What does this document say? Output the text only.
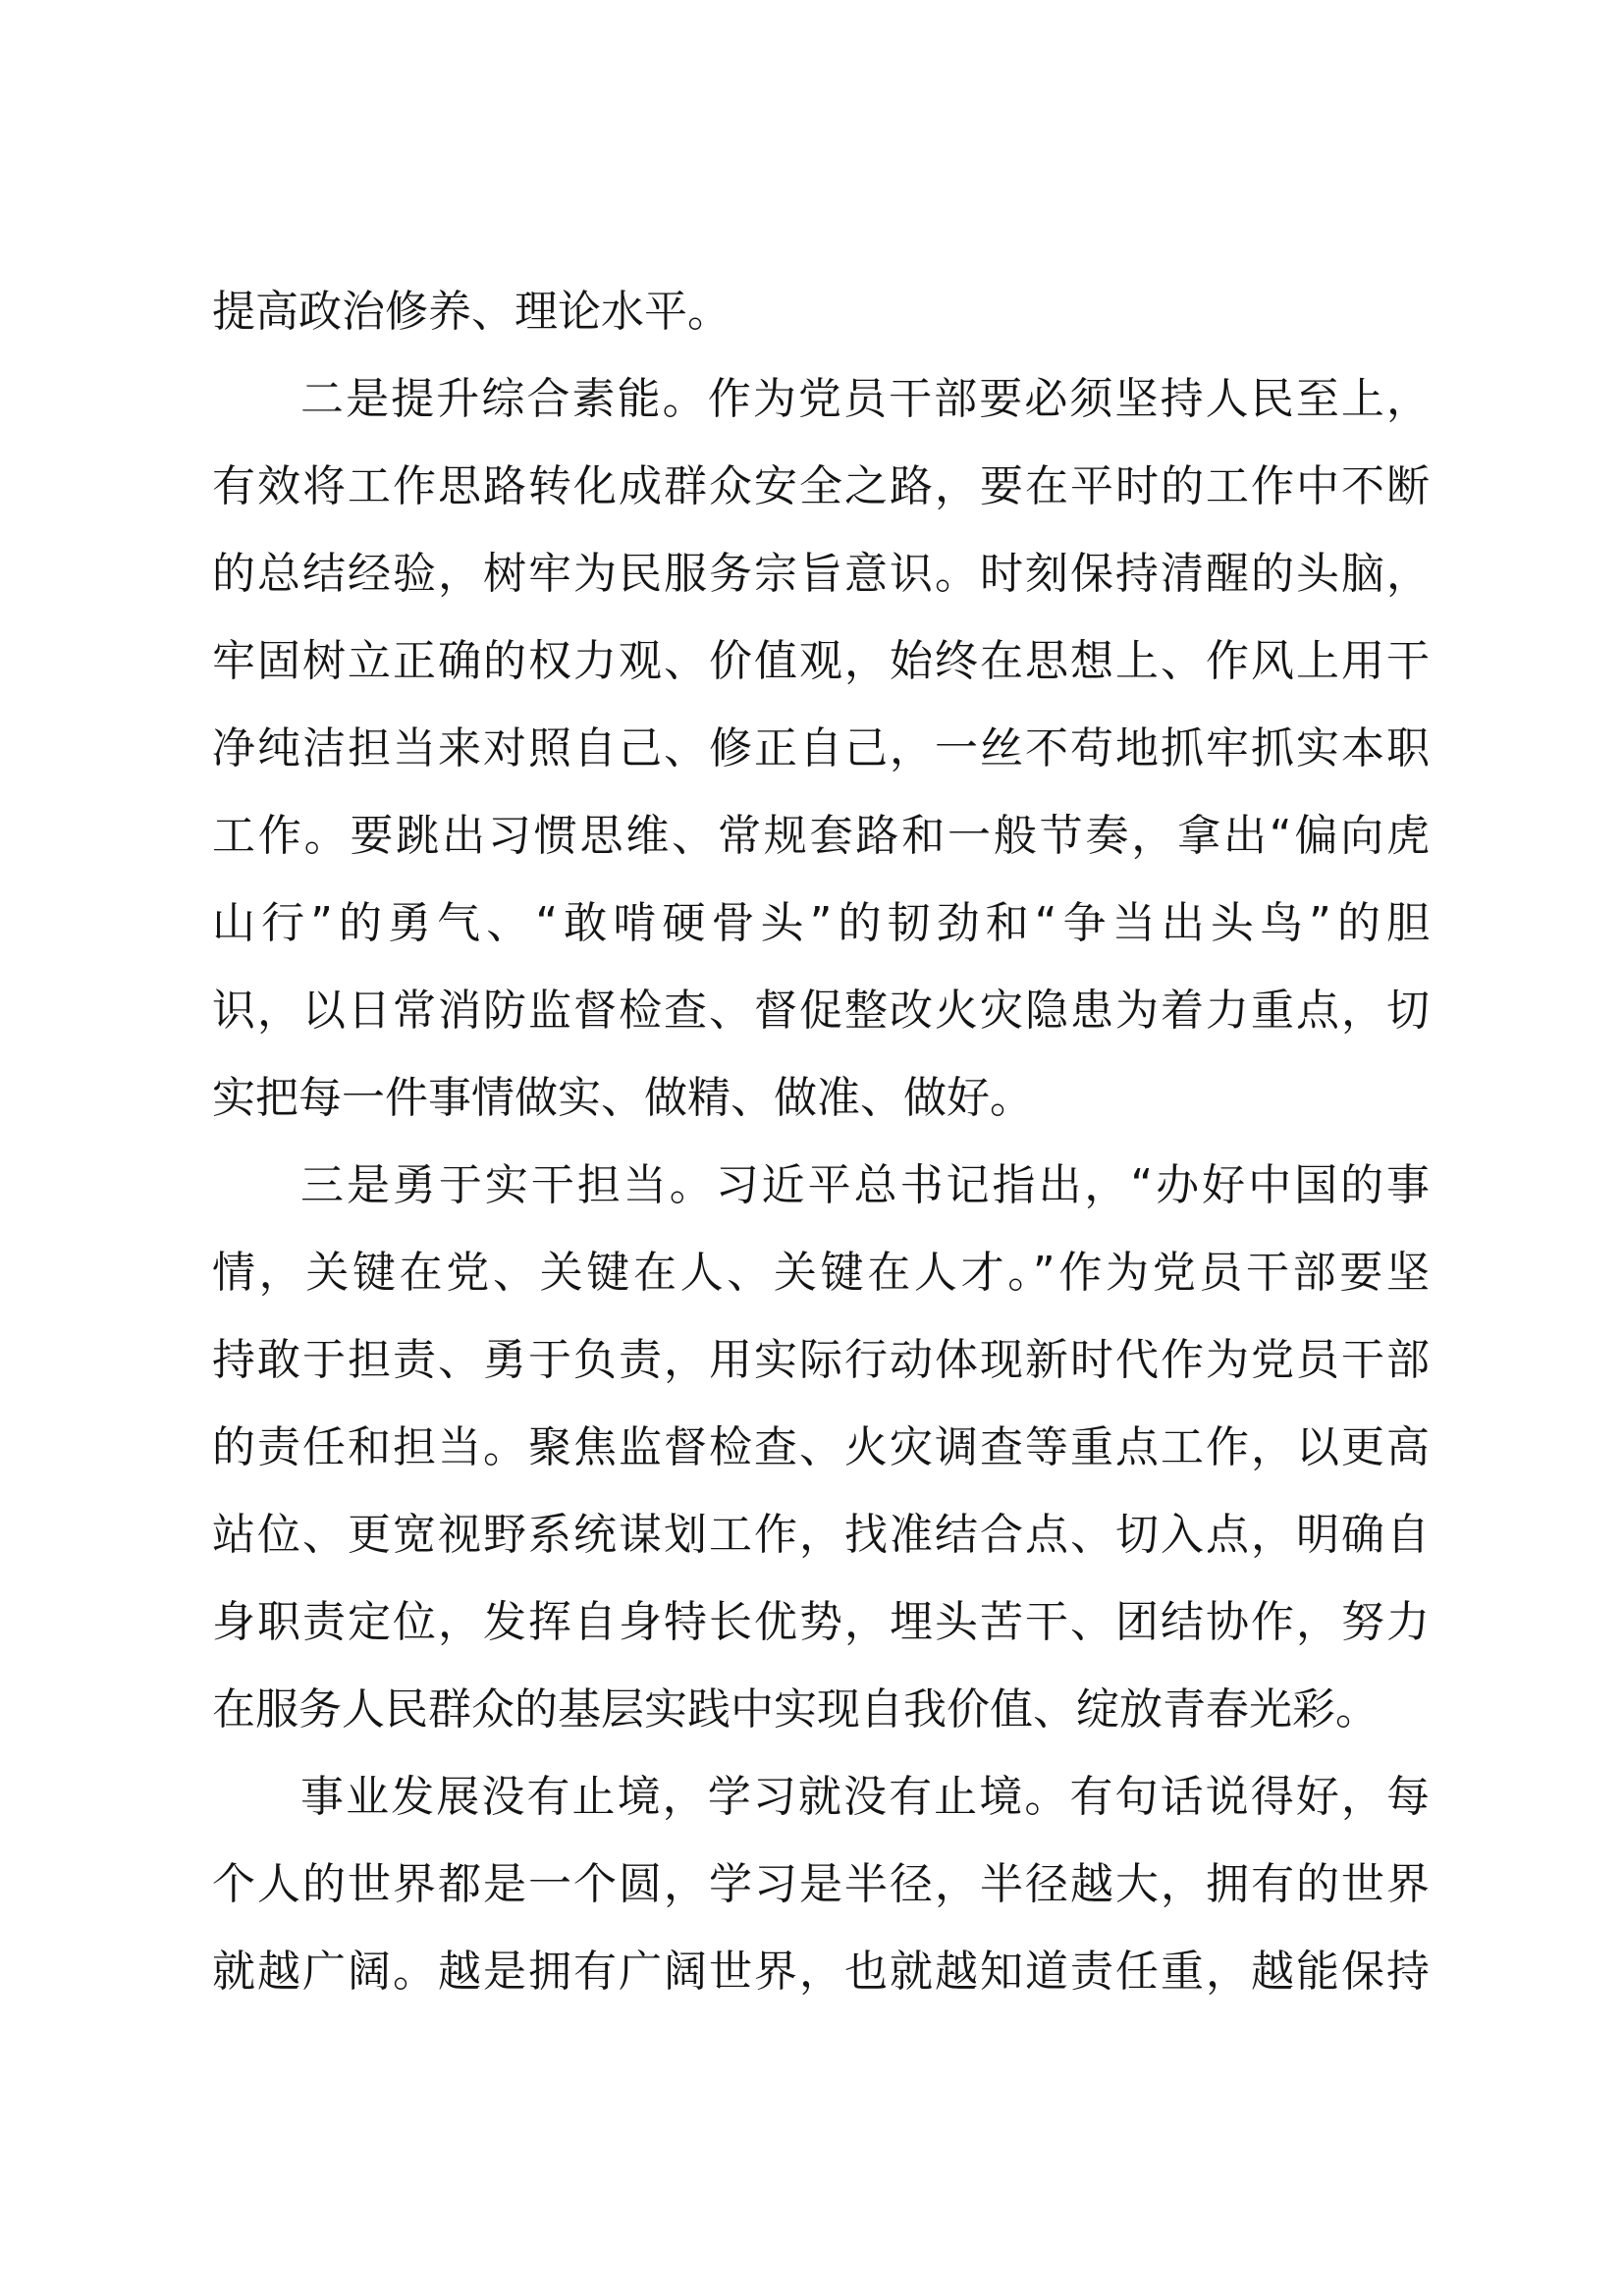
提高政治修养、理论水平。
二是提升综合素能。作为党员干部要必须坚持人民至上，
有效将工作思路转化成群众安全之路，要在平时的工作中不断
的总结经验，树牢为民服务宗旨意识。时刻保持清醒的头脑，
牢固树立正确的权力观、价值观，始终在思想上、作风上用干
净纯洁担当来对照自己、修正自己，一丝不苟地抓牢抓实本职
工作。要跳出习惯思维、常规套路和一般节奏，拿出“偏向虎
山行”的勇气、“敢啃硬骨头”的韧劲和“争当出头鸟”的胆
识，以日常消防监督检查、督促整改火灾隐患为着力重点，切
实把每一件事情做实、做精、做准、做好。
三是勇于实干担当。习近平总书记指出，“办好中国的事
情，关键在党、关键在人、关键在人才。”作为党员干部要坚
持敢于担责、勇于负责，用实际行动体现新时代作为党员干部
的责任和担当。聚焦监督检查、火灾调查等重点工作，以更高
站位、更宽视野系统谋划工作，找准结合点、切入点，明确自
身职责定位，发挥自身特长优势，埋头苦干、团结协作，努力
在服务人民群众的基层实践中实现自我价值、绽放青春光彩。
事业发展没有止境，学习就没有止境。有句话说得好，每
个人的世界都是一个圆，学习是半径，半径越大，拥有的世界
就越广阔。越是拥有广阔世界，也就越知道责任重，越能保持
